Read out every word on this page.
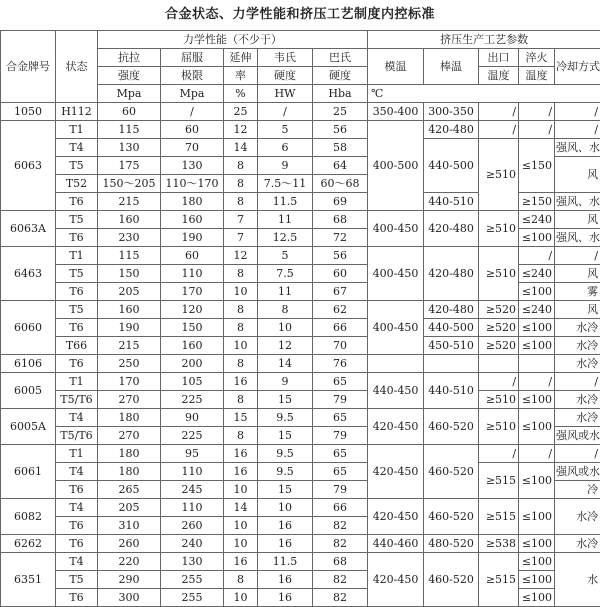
合金状态、力学性能和挤压工艺制度内控标准
合金牌号	状态	力学性能（不少于）					挤压生产工艺参数				
		抗拉	屈服	延伸	韦氏	巴氏	模温	棒温	出口	淬火	冷却方式
		强度	极限	率	硬度	硬度			温度	温度	
		Mpa	Mpa	%	HW	Hba	℃				
1050	H112	60	/	25	/	25	350-400	300-350	/	/	/
6063	T1	115	60	12	5	56	400-500	420-480	/	/	/
	T4	130	70	14	6	58		440-500	≥510	≤150	强风、水
	T5	175	130	8	9	64					风
	T52	150～205	110～170	8	7.5～11	60～68					
	T6	215	180	8	11.5	69		440-510		≥150	强风、水
6063A	T5	160	160	7	11	68	400-450	420-480	≥510	≤240	风
	T6	230	190	7	12.5	72				≤100	强风、水
6463	T1	115	60	12	5	56	400-450	420-480	≥510	/	/
	T5	150	110	8	7.5	60				≤240	风
	T6	205	170	10	11	67				≤100	雾
6060	T5	160	120	8	8	62	400-450	420-480	≥520	≤240	风
	T6	190	150	8	10	66		440-500	≥520	≤100	水冷
	T66	215	160	10	12	70		450-510	≥520	≤100	水冷
6106	T6	250	200	8	14	76					水冷
6005	T1	170	105	16	9	65	440-450	440-510	/	/	/
	T5/T6	270	225	8	15	79			≥510	≤100	水冷
6005A	T4	180	90	15	9.5	65	420-450	460-520	≥510	≤100	水冷
	T5/T6	270	225	8	15	79					强风或水
6061	T1	180	95	16	9.5	65	420-450	460-520	/	/	/
	T4	180	110	16	9.5	65			≥515	≤100	强风或水
	T6	265	245	10	15	79					冷
6082	T4	205	110	14	10	66	420-450	460-520	≥515	≤100	水冷
	T6	310	260	10	16	82					
6262	T6	260	240	10	16	82	440-460	480-520	≥538	≤100	水冷
6351	T4	220	130	16	11.5	68	420-450	460-520	≥515	≤100	水
	T5	290	255	8	16	82				≤100	
	T6	300	255	10	16	82				≤100	
